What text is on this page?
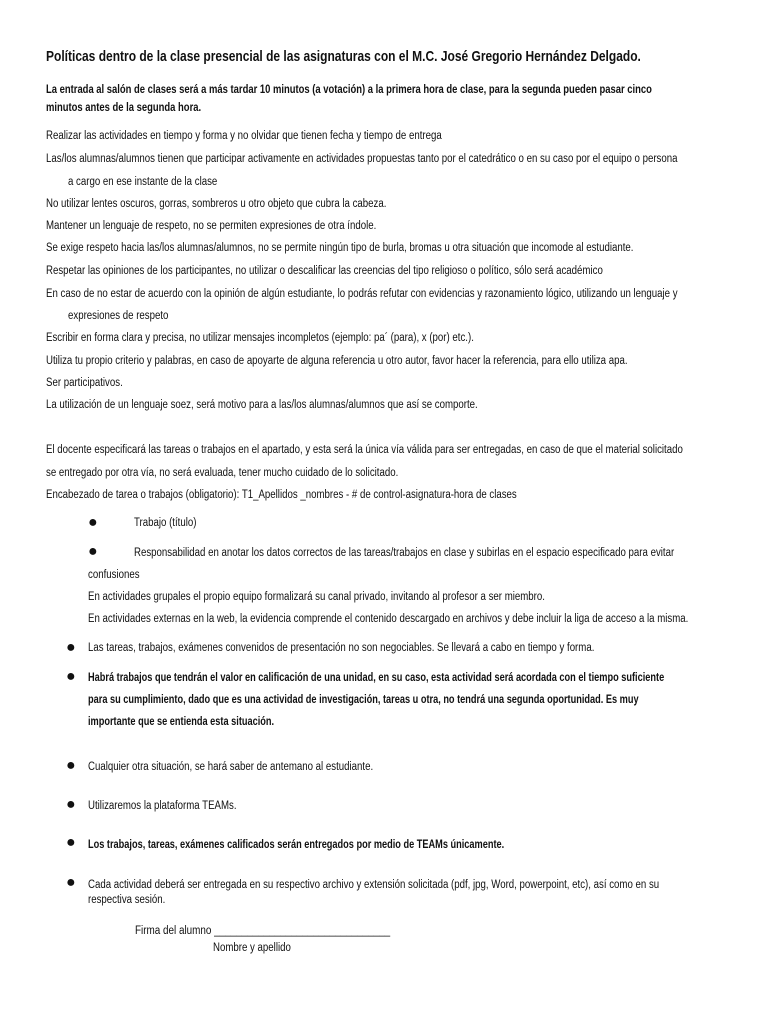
Políticas dentro de la clase presencial de las asignaturas con el M.C. José Gregorio Hernández Delgado.
La entrada al salón de clases será a más tardar 10 minutos (a votación) a la primera hora de clase, para la segunda pueden pasar cinco
minutos antes de la segunda hora.
Realizar las actividades en tiempo y forma y no olvidar que tienen fecha y tiempo de entrega
Las/los alumnas/alumnos tienen que participar activamente en actividades propuestas tanto por el catedrático o en su caso por el equipo o persona
a cargo en ese instante de la clase
No utilizar lentes oscuros, gorras, sombreros u otro objeto que cubra la cabeza.
Mantener un lenguaje de respeto, no se permiten expresiones de otra índole.
Se exige respeto hacia las/los alumnas/alumnos, no se permite ningún tipo de burla, bromas u otra situación que incomode al estudiante.
Respetar las opiniones de los participantes, no utilizar o descalificar las creencias del tipo religioso o político, sólo será académico
En caso de no estar de acuerdo con la opinión de algún estudiante, lo podrás refutar con evidencias y razonamiento lógico, utilizando un lenguaje y
expresiones de respeto
Escribir en forma clara y precisa, no utilizar mensajes incompletos (ejemplo: pa´ (para), x (por) etc.).
Utiliza tu propio criterio y palabras, en caso de apoyarte de alguna referencia u otro autor, favor hacer la referencia, para ello utiliza apa.
Ser participativos.
La utilización de un lenguaje soez, será motivo para a las/los alumnas/alumnos que así se comporte.
El docente especificará las tareas o trabajos en el apartado, y esta será la única vía válida para ser entregadas, en caso de que el material solicitado
se entregado por otra vía, no será evaluada, tener mucho cuidado de lo solicitado.
Encabezado de tarea o trabajos (obligatorio): T1_Apellidos _nombres - # de control-asignatura-hora de clases
●	Trabajo (título)
●	Responsabilidad en anotar los datos correctos de las tareas/trabajos en clase y subirlas en el espacio especificado para evitar
confusiones
En actividades grupales el propio equipo formalizará su canal privado, invitando al profesor a ser miembro.
En actividades externas en la web, la evidencia comprende el contenido descargado en archivos y debe incluir la liga de acceso a la misma.
● Las tareas, trabajos, exámenes convenidos de presentación no son negociables. Se llevará a cabo en tiempo y forma.
● Habrá trabajos que tendrán el valor en calificación de una unidad, en su caso, esta actividad será acordada con el tiempo suficiente
para su cumplimiento, dado que es una actividad de investigación, tareas u otra, no tendrá una segunda oportunidad. Es muy
importante que se entienda esta situación.
● Cualquier otra situación, se hará saber de antemano al estudiante.
● Utilizaremos la plataforma TEAMs.
● Los trabajos, tareas, exámenes calificados serán entregados por medio de TEAMs únicamente.
● Cada actividad deberá ser entregada en su respectivo archivo y extensión solicitada (pdf, jpg, Word, powerpoint, etc), así como en su
respectiva sesión.
Firma del alumno ________________________________
Nombre y apellido
